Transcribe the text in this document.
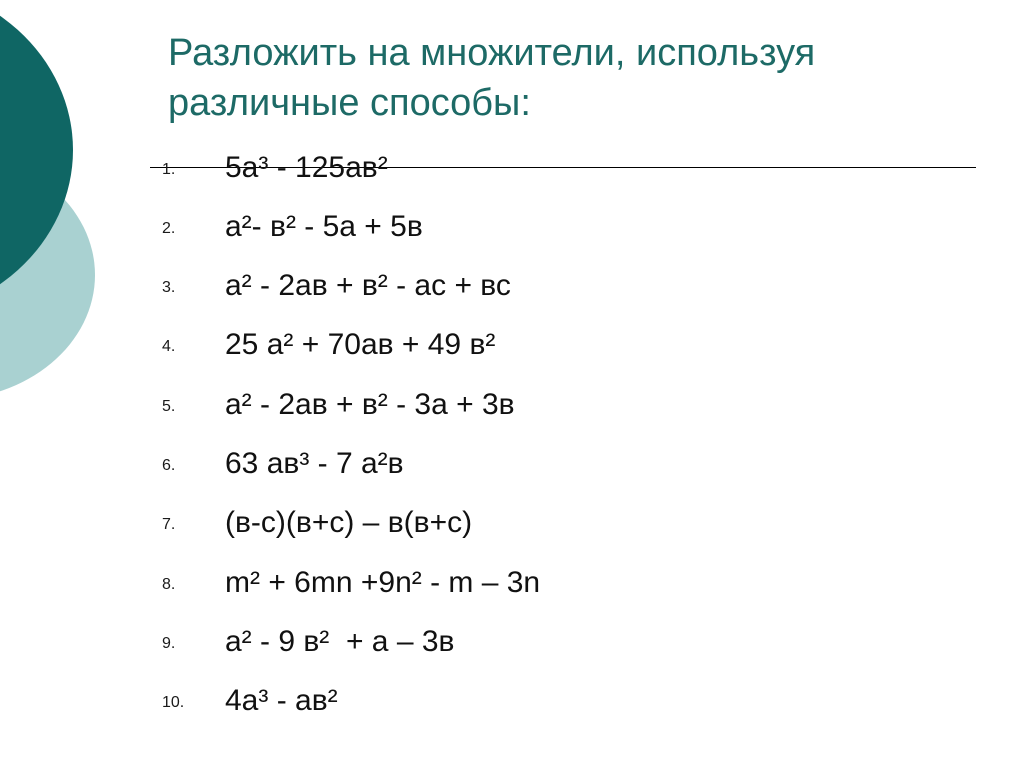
Разложить на множители, используя различные способы:
1. 5а³ - 125ав²
2. а²- в² - 5а + 5в
3. а² - 2ав + в² - ас + вс
4. 25 а² + 70ав + 49 в²
5. а² - 2ав + в² - 3а + 3в
6. 63 ав³ - 7 а²в
7. (в-с)(в+с) – в(в+с)
8. m² + 6mn +9n² - m – 3n
9. а² - 9 в²  + а – 3в
10. 4а³ - ав²
